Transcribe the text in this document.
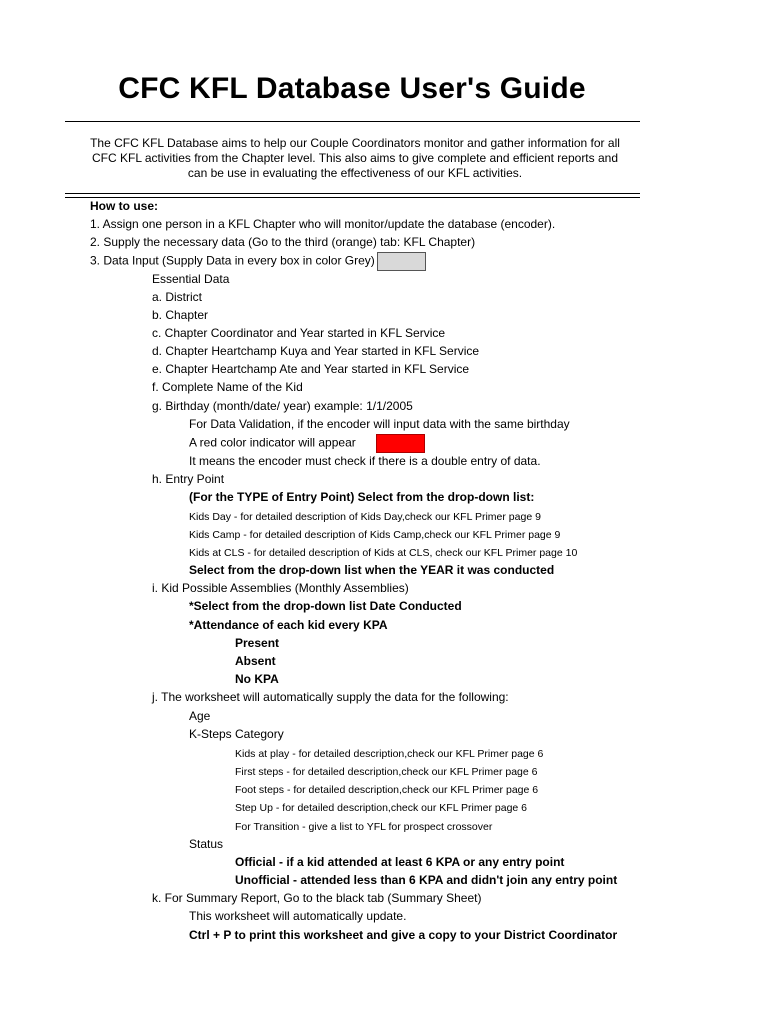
CFC KFL Database User's Guide
The CFC KFL Database aims to help our Couple Coordinators monitor and gather information for all
CFC KFL activities from the Chapter level. This also aims to give complete and efficient reports and
can be use in evaluating the effectiveness of our KFL activities.
How to use:
1. Assign one person in a KFL Chapter who will monitor/update the database (encoder).
2. Supply the necessary data (Go to the third (orange) tab: KFL Chapter)
3. Data Input (Supply Data in every box in color Grey)
Essential Data
a. District
b. Chapter
c. Chapter Coordinator and Year started in KFL Service
d. Chapter Heartchamp Kuya and Year started in KFL Service
e. Chapter Heartchamp Ate and Year started in KFL Service
f. Complete Name of the Kid
g. Birthday (month/date/ year) example: 1/1/2005
For Data Validation, if the encoder will input data with the same birthday
A red color indicator will appear
It means the encoder must check if there is a double entry of data.
h. Entry Point
(For the TYPE of Entry Point) Select from the drop-down list:
Kids Day - for detailed description of Kids Day,check our KFL Primer page 9
Kids Camp - for detailed description of Kids Camp,check our KFL Primer page 9
Kids at CLS - for detailed description of Kids at CLS, check our KFL Primer page 10
Select from the drop-down list when the YEAR it was conducted
i. Kid Possible Assemblies (Monthly Assemblies)
*Select from the drop-down list Date Conducted
*Attendance of each kid every KPA
Present
Absent
No KPA
j. The worksheet will automatically supply the data for the following:
Age
K-Steps Category
Kids at play - for detailed description,check our KFL Primer page 6
First steps - for detailed description,check our KFL Primer page 6
Foot steps - for detailed description,check our KFL Primer page 6
Step Up - for detailed description,check our KFL Primer page 6
For Transition - give a list to YFL for prospect crossover
Status
Official - if a kid attended at least 6 KPA or any entry point
Unofficial - attended less than 6 KPA and didn't join any entry point
k. For Summary Report, Go to the black tab (Summary Sheet)
This worksheet will automatically update.
Ctrl + P to print this worksheet and give a copy to your District Coordinator
